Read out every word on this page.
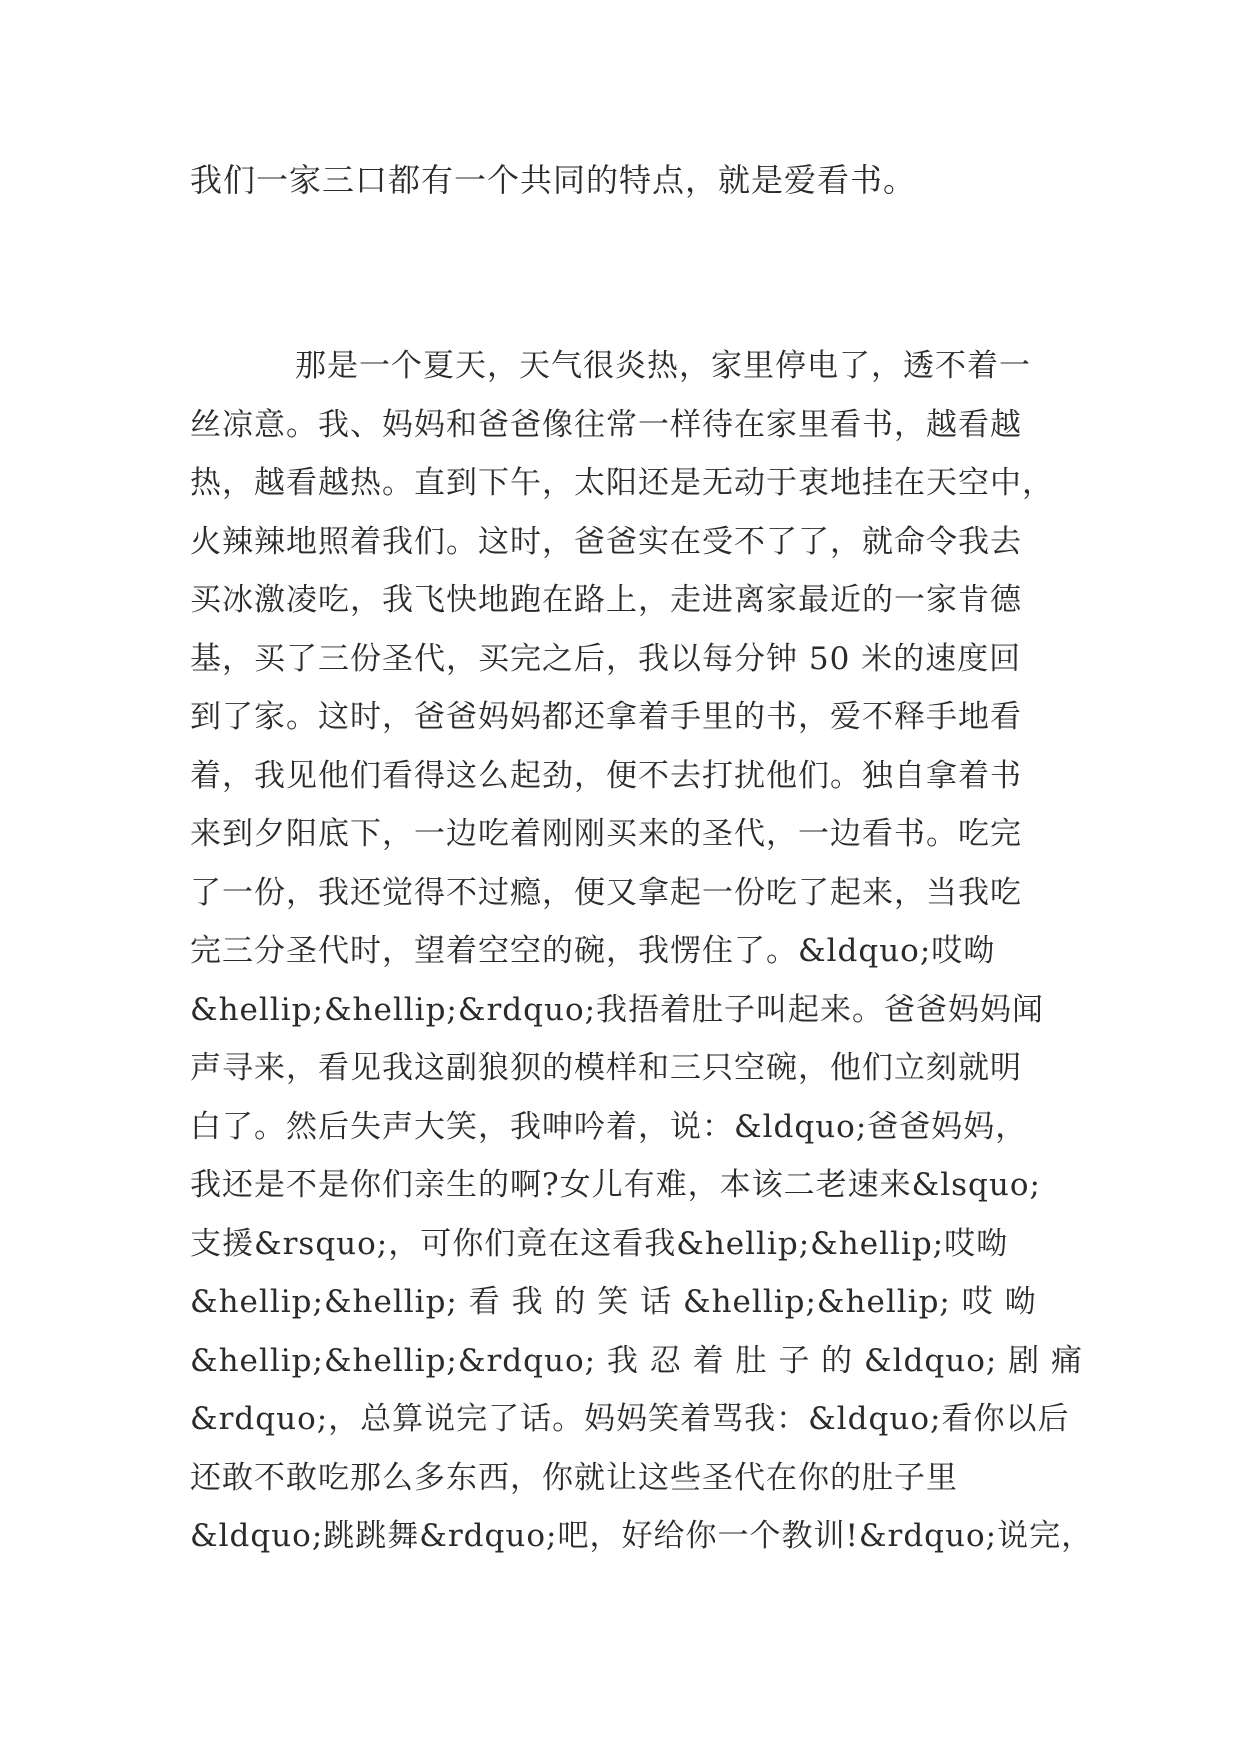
我们一家三口都有一个共同的特点，就是爱看书。
那是一个夏天，天气很炎热，家里停电了，透不着一
丝凉意。我、妈妈和爸爸像往常一样待在家里看书，越看越
热，越看越热。直到下午，太阳还是无动于衷地挂在天空中，
火辣辣地照着我们。这时，爸爸实在受不了了，就命令我去
买冰激凌吃，我飞快地跑在路上，走进离家最近的一家肯德
基，买了三份圣代，买完之后，我以每分钟 50 米的速度回
到了家。这时，爸爸妈妈都还拿着手里的书，爱不释手地看
着，我见他们看得这么起劲，便不去打扰他们。独自拿着书
来到夕阳底下，一边吃着刚刚买来的圣代，一边看书。吃完
了一份，我还觉得不过瘾，便又拿起一份吃了起来，当我吃
完三分圣代时，望着空空的碗，我愣住了。&ldquo;哎呦
&hellip;&hellip;&rdquo;我捂着肚子叫起来。爸爸妈妈闻
声寻来，看见我这副狼狈的模样和三只空碗，他们立刻就明
白了。然后失声大笑，我呻吟着，说：&ldquo;爸爸妈妈，
我还是不是你们亲生的啊?女儿有难，本该二老速来&lsquo;
支援&rsquo;，可你们竟在这看我&hellip;&hellip;哎呦
&hellip;&hellip; 看 我 的 笑 话 &hellip;&hellip; 哎 呦
&hellip;&hellip;&rdquo; 我 忍 着 肚 子 的 &ldquo; 剧 痛
&rdquo;，总算说完了话。妈妈笑着骂我：&ldquo;看你以后
还敢不敢吃那么多东西，你就让这些圣代在你的肚子里
&ldquo;跳跳舞&rdquo;吧，好给你一个教训!&rdquo;说完，
